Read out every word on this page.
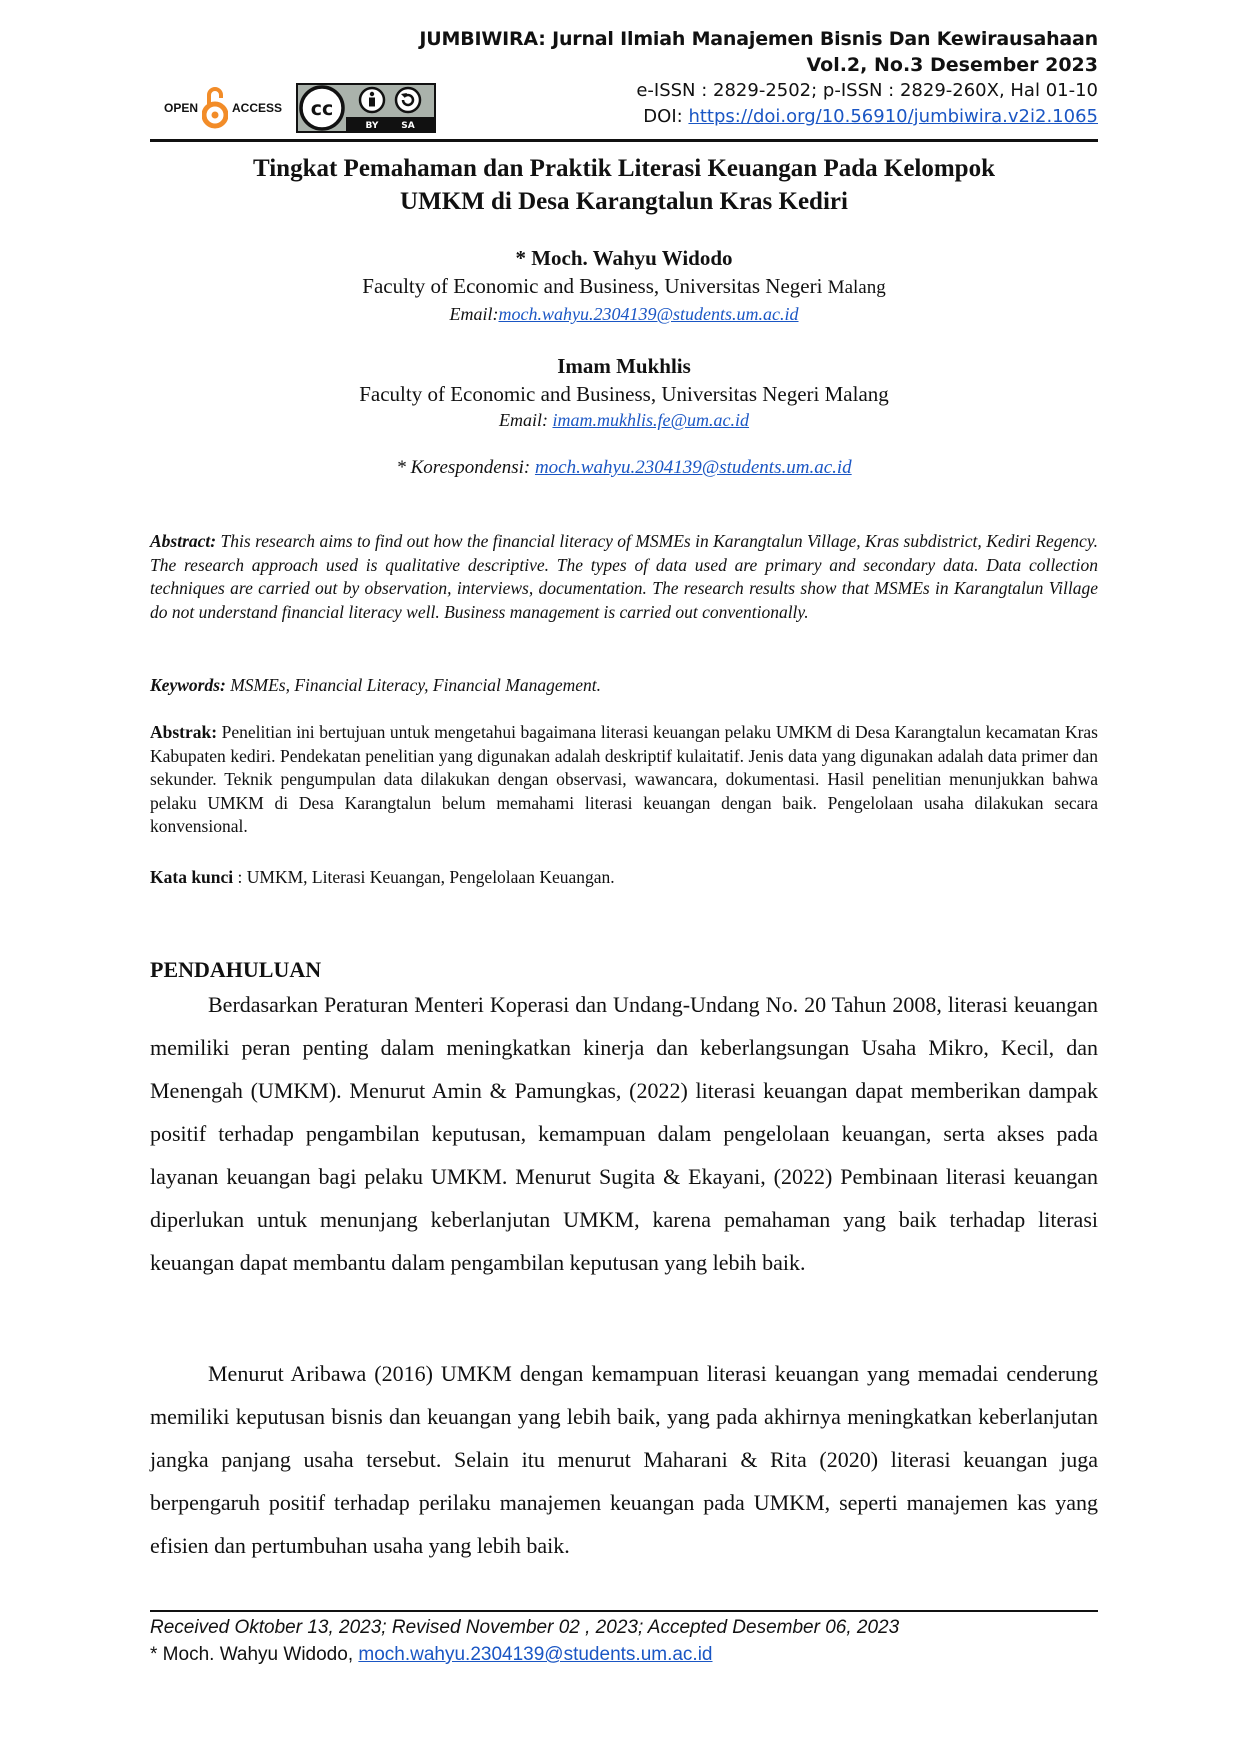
OPEN	ACCESS cc
BY	SA
JUMBIWIRA: Jurnal Ilmiah Manajemen Bisnis Dan Kewirausahaan
Vol.2, No.3 Desember 2023
e-ISSN : 2829-2502; p-ISSN : 2829-260X, Hal 01-10
DOI: https://doi.org/10.56910/jumbiwira.v2i2.1065
Tingkat Pemahaman dan Praktik Literasi Keuangan Pada Kelompok
UMKM di Desa Karangtalun Kras Kediri
* Moch. Wahyu Widodo
Faculty of Economic and Business, Universitas Negeri Malang
Email:moch.wahyu.2304139@students.um.ac.id
Imam Mukhlis
Faculty of Economic and Business, Universitas Negeri Malang
Email: imam.mukhlis.fe@um.ac.id
* Korespondensi: moch.wahyu.2304139@students.um.ac.id
Abstract: This research aims to find out how the financial literacy of MSMEs in Karangtalun Village, Kras subdistrict, Kediri Regency. The research approach used is qualitative descriptive. The types of data used are primary and secondary data. Data collection techniques are carried out by observation, interviews, documentation. The research results show that MSMEs in Karangtalun Village do not understand financial literacy well. Business management is carried out conventionally.
Keywords: MSMEs, Financial Literacy, Financial Management.
Abstrak: Penelitian ini bertujuan untuk mengetahui bagaimana literasi keuangan pelaku UMKM di Desa Karangtalun kecamatan Kras Kabupaten kediri. Pendekatan penelitian yang digunakan adalah deskriptif kulaitatif. Jenis data yang digunakan adalah data primer dan sekunder. Teknik pengumpulan data dilakukan dengan observasi, wawancara, dokumentasi. Hasil penelitian menunjukkan bahwa pelaku UMKM di Desa Karangtalun belum memahami literasi keuangan dengan baik. Pengelolaan usaha dilakukan secara konvensional.
Kata kunci : UMKM, Literasi Keuangan, Pengelolaan Keuangan.
PENDAHULUAN

Berdasarkan Peraturan Menteri Koperasi dan Undang-Undang No. 20 Tahun 2008, literasi keuangan memiliki peran penting dalam meningkatkan kinerja dan keberlangsungan Usaha Mikro, Kecil, dan Menengah (UMKM). Menurut Amin & Pamungkas, (2022) literasi keuangan dapat memberikan dampak positif terhadap pengambilan keputusan, kemampuan dalam pengelolaan keuangan, serta akses pada layanan keuangan bagi pelaku UMKM. Menurut Sugita & Ekayani, (2022) Pembinaan literasi keuangan diperlukan untuk menunjang keberlanjutan UMKM, karena pemahaman yang baik terhadap literasi keuangan dapat membantu dalam pengambilan keputusan yang lebih baik.

Menurut Aribawa (2016) UMKM dengan kemampuan literasi keuangan yang memadai cenderung memiliki keputusan bisnis dan keuangan yang lebih baik, yang pada akhirnya meningkatkan keberlanjutan jangka panjang usaha tersebut. Selain itu menurut Maharani & Rita (2020) literasi keuangan juga berpengaruh positif terhadap perilaku manajemen keuangan pada UMKM, seperti manajemen kas yang efisien dan pertumbuhan usaha yang lebih baik.

Received Oktober 13, 2023; Revised November 02 , 2023; Accepted Desember 06, 2023
* Moch. Wahyu Widodo, moch.wahyu.2304139@students.um.ac.id
